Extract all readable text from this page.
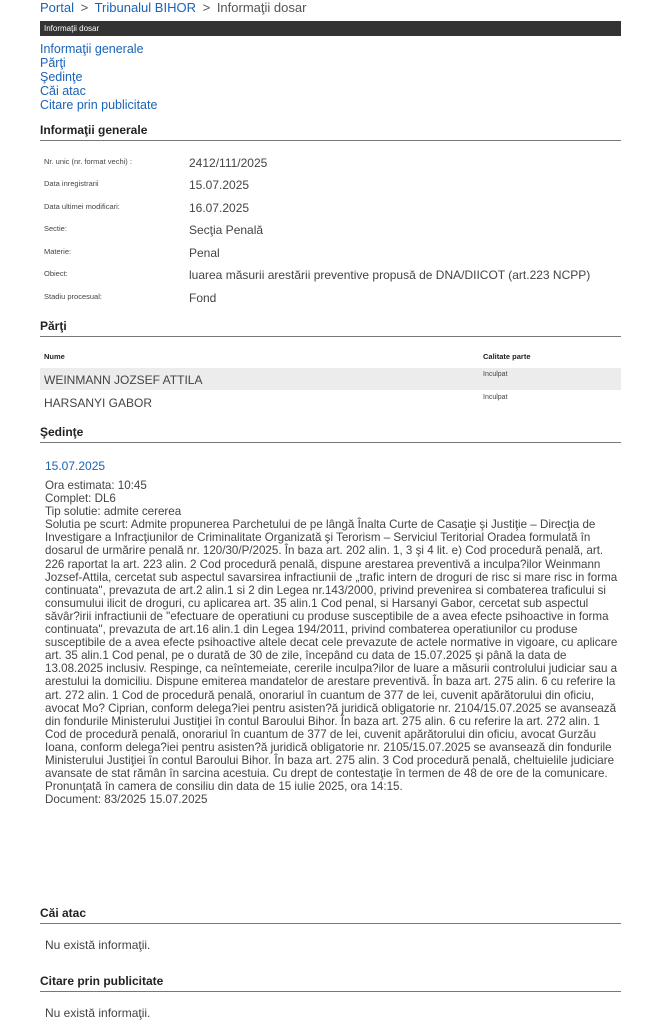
Portal > Tribunalul BIHOR > Informaţii dosar
Informaţii dosar
Informaţii generale
Părţi
Şedinţe
Căi atac
Citare prin publicitate
Informaţii generale
Nr. unic (nr. format vechi) :	2412/111/2025
Data inregistrarii	15.07.2025
Data ultimei modificari:	16.07.2025
Sectie:	Secţia Penală
Materie:	Penal
Obiect:	luarea măsurii arestării preventive propusă de DNA/DIICOT (art.223 NCPP)
Stadiu procesual:	Fond
Părţi
Nume	Calitate parte
WEINMANN JOZSEF ATTILA	Inculpat
HARSANYI GABOR	Inculpat
Şedinţe
15.07.2025

Ora estimata: 10:45

Complet: DL6

Tip solutie: admite cererea

Solutia pe scurt: Admite propunerea Parchetului de pe lângă Înalta Curte de Casaţie şi Justiţie – Direcţia de Investigare a Infracţiunilor de Criminalitate Organizată şi Terorism – Serviciul Teritorial Oradea formulată în dosarul de urmărire penală nr. 120/30/P/2025. În baza art. 202 alin. 1, 3 şi 4 lit. e) Cod procedură penală, art. 226 raportat la art. 223 alin. 2 Cod procedură penală, dispune arestarea preventivă a inculpa?ilor Weinmann Jozsef-Attila, cercetat sub aspectul savarsirea infractiunii de „trafic intern de droguri de risc si mare risc in forma continuata", prevazuta de art.2 alin.1 si 2 din Legea nr.143/2000, privind prevenirea si combaterea traficului si consumului ilicit de droguri, cu aplicarea art. 35 alin.1 Cod penal, si Harsanyi Gabor, cercetat sub aspectul săvâr?irii infractiunii de "efectuare de operatiuni cu produse susceptibile de a avea efecte psihoactive in forma continuata", prevazuta de art.16 alin.1 din Legea 194/2011, privind combaterea operatiunilor cu produse susceptibile de a avea efecte psihoactive altele decat cele prevazute de actele normative in vigoare, cu aplicare art. 35 alin.1 Cod penal, pe o durată de 30 de zile, începând cu data de 15.07.2025 şi până la data de 13.08.2025 inclusiv. Respinge, ca neîntemeiate, cererile inculpa?ilor de luare a măsurii controlului judiciar sau a arestului la domiciliu. Dispune emiterea mandatelor de arestare preventivă. În baza art. 275 alin. 6 cu referire la art. 272 alin. 1 Cod de procedură penală, onorariul în cuantum de 377 de lei, cuvenit apărătorului din oficiu, avocat Mo? Ciprian, conform delega?iei pentru asisten?ă juridică obligatorie nr. 2104/15.07.2025 se avansează din fondurile Ministerului Justiţiei în contul Baroului Bihor. În baza art. 275 alin. 6 cu referire la art. 272 alin. 1 Cod de procedură penală, onorariul în cuantum de 377 de lei, cuvenit apărătorului din oficiu, avocat Gurzău Ioana, conform delega?iei pentru asisten?ă juridică obligatorie nr. 2105/15.07.2025 se avansează din fondurile Ministerului Justiţiei în contul Baroului Bihor. În baza art. 275 alin. 3 Cod procedură penală, cheltuielile judiciare avansate de stat rămân în sarcina acestuia. Cu drept de contestaţie în termen de 48 de ore de la comunicare. Pronunţată în camera de consiliu din data de 15 iulie 2025, ora 14:15.

Document: 83/2025 15.07.2025

Căi atac
Nu există informaţii.
Citare prin publicitate
Nu există informaţii.
